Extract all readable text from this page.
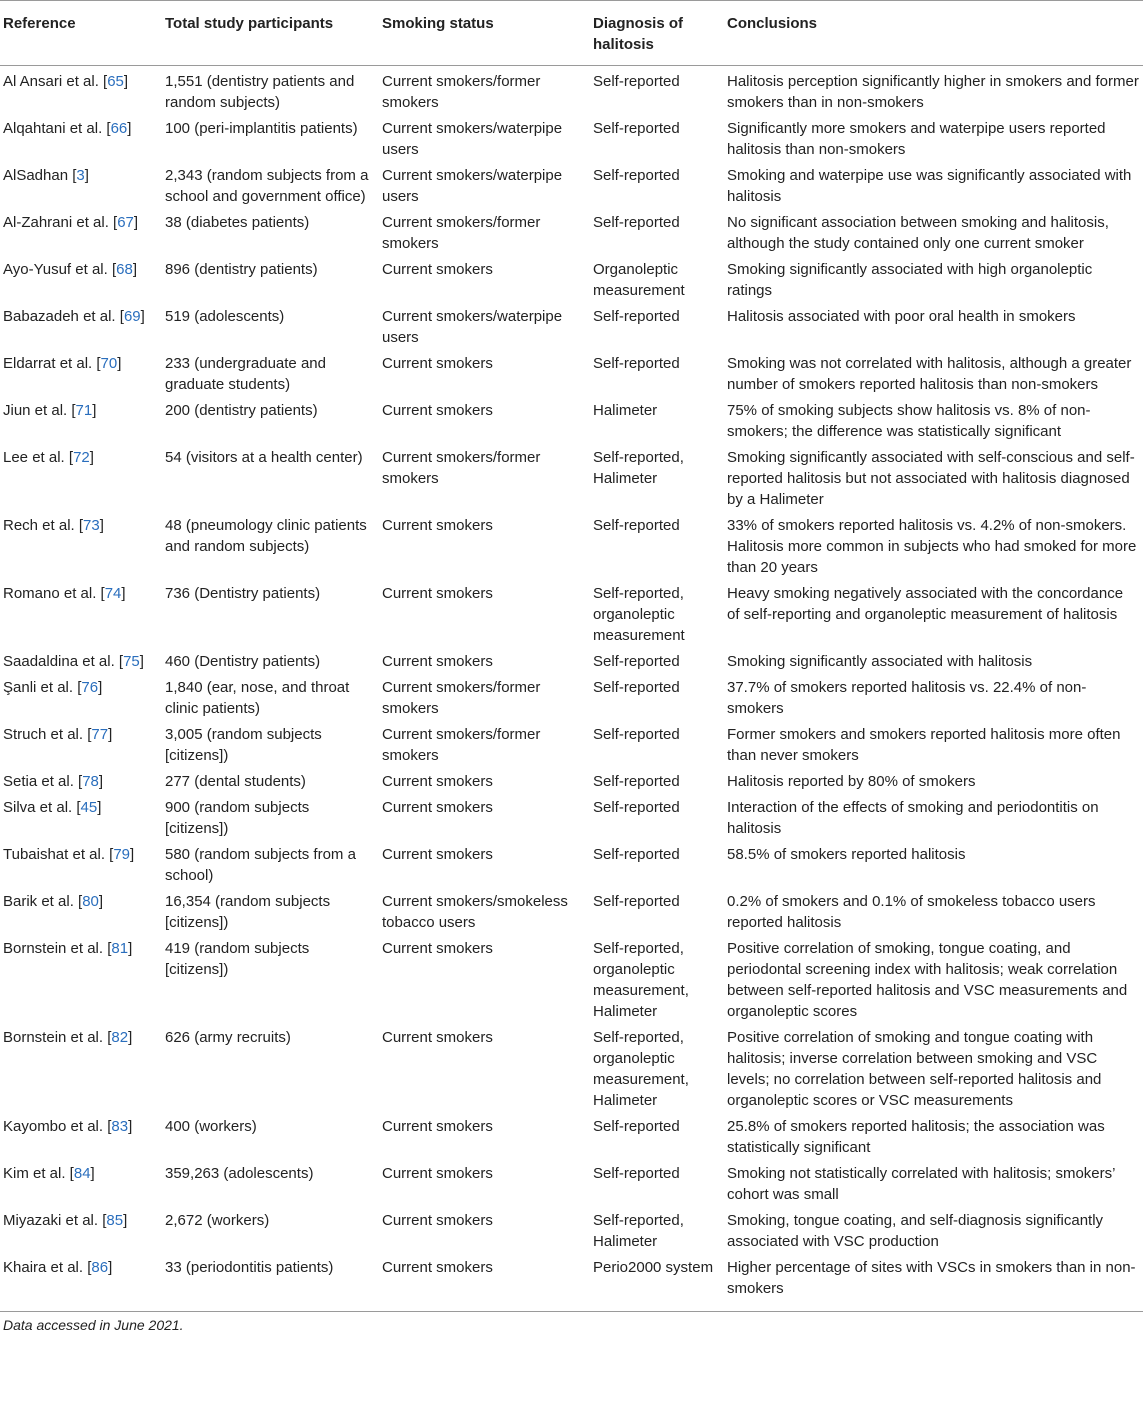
Reference	Total study participants	Smoking status	Diagnosis of halitosis	Conclusions
Al Ansari et al. [65]	1,551 (dentistry patients and random subjects)	Current smokers/former smokers	Self-reported	Halitosis perception significantly higher in smokers and former smokers than in non-smokers
Alqahtani et al. [66]	100 (peri-implantitis patients)	Current smokers/waterpipe users	Self-reported	Significantly more smokers and waterpipe users reported halitosis than non-smokers
AlSadhan [3]	2,343 (random subjects from a school and government office)	Current smokers/waterpipe users	Self-reported	Smoking and waterpipe use was significantly associated with halitosis
Al-Zahrani et al. [67]	38 (diabetes patients)	Current smokers/former smokers	Self-reported	No significant association between smoking and halitosis, although the study contained only one current smoker
Ayo-Yusuf et al. [68]	896 (dentistry patients)	Current smokers	Organoleptic measurement	Smoking significantly associated with high organoleptic ratings
Babazadeh et al. [69]	519 (adolescents)	Current smokers/waterpipe users	Self-reported	Halitosis associated with poor oral health in smokers
Eldarrat et al. [70]	233 (undergraduate and graduate students)	Current smokers	Self-reported	Smoking was not correlated with halitosis, although a greater number of smokers reported halitosis than non-smokers
Jiun et al. [71]	200 (dentistry patients)	Current smokers	Halimeter	75% of smoking subjects show halitosis vs. 8% of non-smokers; the difference was statistically significant
Lee et al. [72]	54 (visitors at a health center)	Current smokers/former smokers	Self-reported, Halimeter	Smoking significantly associated with self-conscious and self-reported halitosis but not associated with halitosis diagnosed by a Halimeter
Rech et al. [73]	48 (pneumology clinic patients and random subjects)	Current smokers	Self-reported	33% of smokers reported halitosis vs. 4.2% of non-smokers. Halitosis more common in subjects who had smoked for more than 20 years
Romano et al. [74]	736 (Dentistry patients)	Current smokers	Self-reported, organoleptic measurement	Heavy smoking negatively associated with the concordance of self-reporting and organoleptic measurement of halitosis
Saadaldina et al. [75]	460 (Dentistry patients)	Current smokers	Self-reported	Smoking significantly associated with halitosis
Şanli et al. [76]	1,840 (ear, nose, and throat clinic patients)	Current smokers/former smokers	Self-reported	37.7% of smokers reported halitosis vs. 22.4% of non-smokers
Struch et al. [77]	3,005 (random subjects [citizens])	Current smokers/former smokers	Self-reported	Former smokers and smokers reported halitosis more often than never smokers
Setia et al. [78]	277 (dental students)	Current smokers	Self-reported	Halitosis reported by 80% of smokers
Silva et al. [45]	900 (random subjects [citizens])	Current smokers	Self-reported	Interaction of the effects of smoking and periodontitis on halitosis
Tubaishat et al. [79]	580 (random subjects from a school)	Current smokers	Self-reported	58.5% of smokers reported halitosis
Barik et al. [80]	16,354 (random subjects [citizens])	Current smokers/smokeless tobacco users	Self-reported	0.2% of smokers and 0.1% of smokeless tobacco users reported halitosis
Bornstein et al. [81]	419 (random subjects [citizens])	Current smokers	Self-reported, organoleptic measurement, Halimeter	Positive correlation of smoking, tongue coating, and periodontal screening index with halitosis; weak correlation between self-reported halitosis and VSC measurements and organoleptic scores
Bornstein et al. [82]	626 (army recruits)	Current smokers	Self-reported, organoleptic measurement, Halimeter	Positive correlation of smoking and tongue coating with halitosis; inverse correlation between smoking and VSC levels; no correlation between self-reported halitosis and organoleptic scores or VSC measurements
Kayombo et al. [83]	400 (workers)	Current smokers	Self-reported	25.8% of smokers reported halitosis; the association was statistically significant
Kim et al. [84]	359,263 (adolescents)	Current smokers	Self-reported	Smoking not statistically correlated with halitosis; smokers’ cohort was small
Miyazaki et al. [85]	2,672 (workers)	Current smokers	Self-reported, Halimeter	Smoking, tongue coating, and self-diagnosis significantly associated with VSC production
Khaira et al. [86]	33 (periodontitis patients)	Current smokers	Perio2000 system	Higher percentage of sites with VSCs in smokers than in non-smokers
Data accessed in June 2021.
